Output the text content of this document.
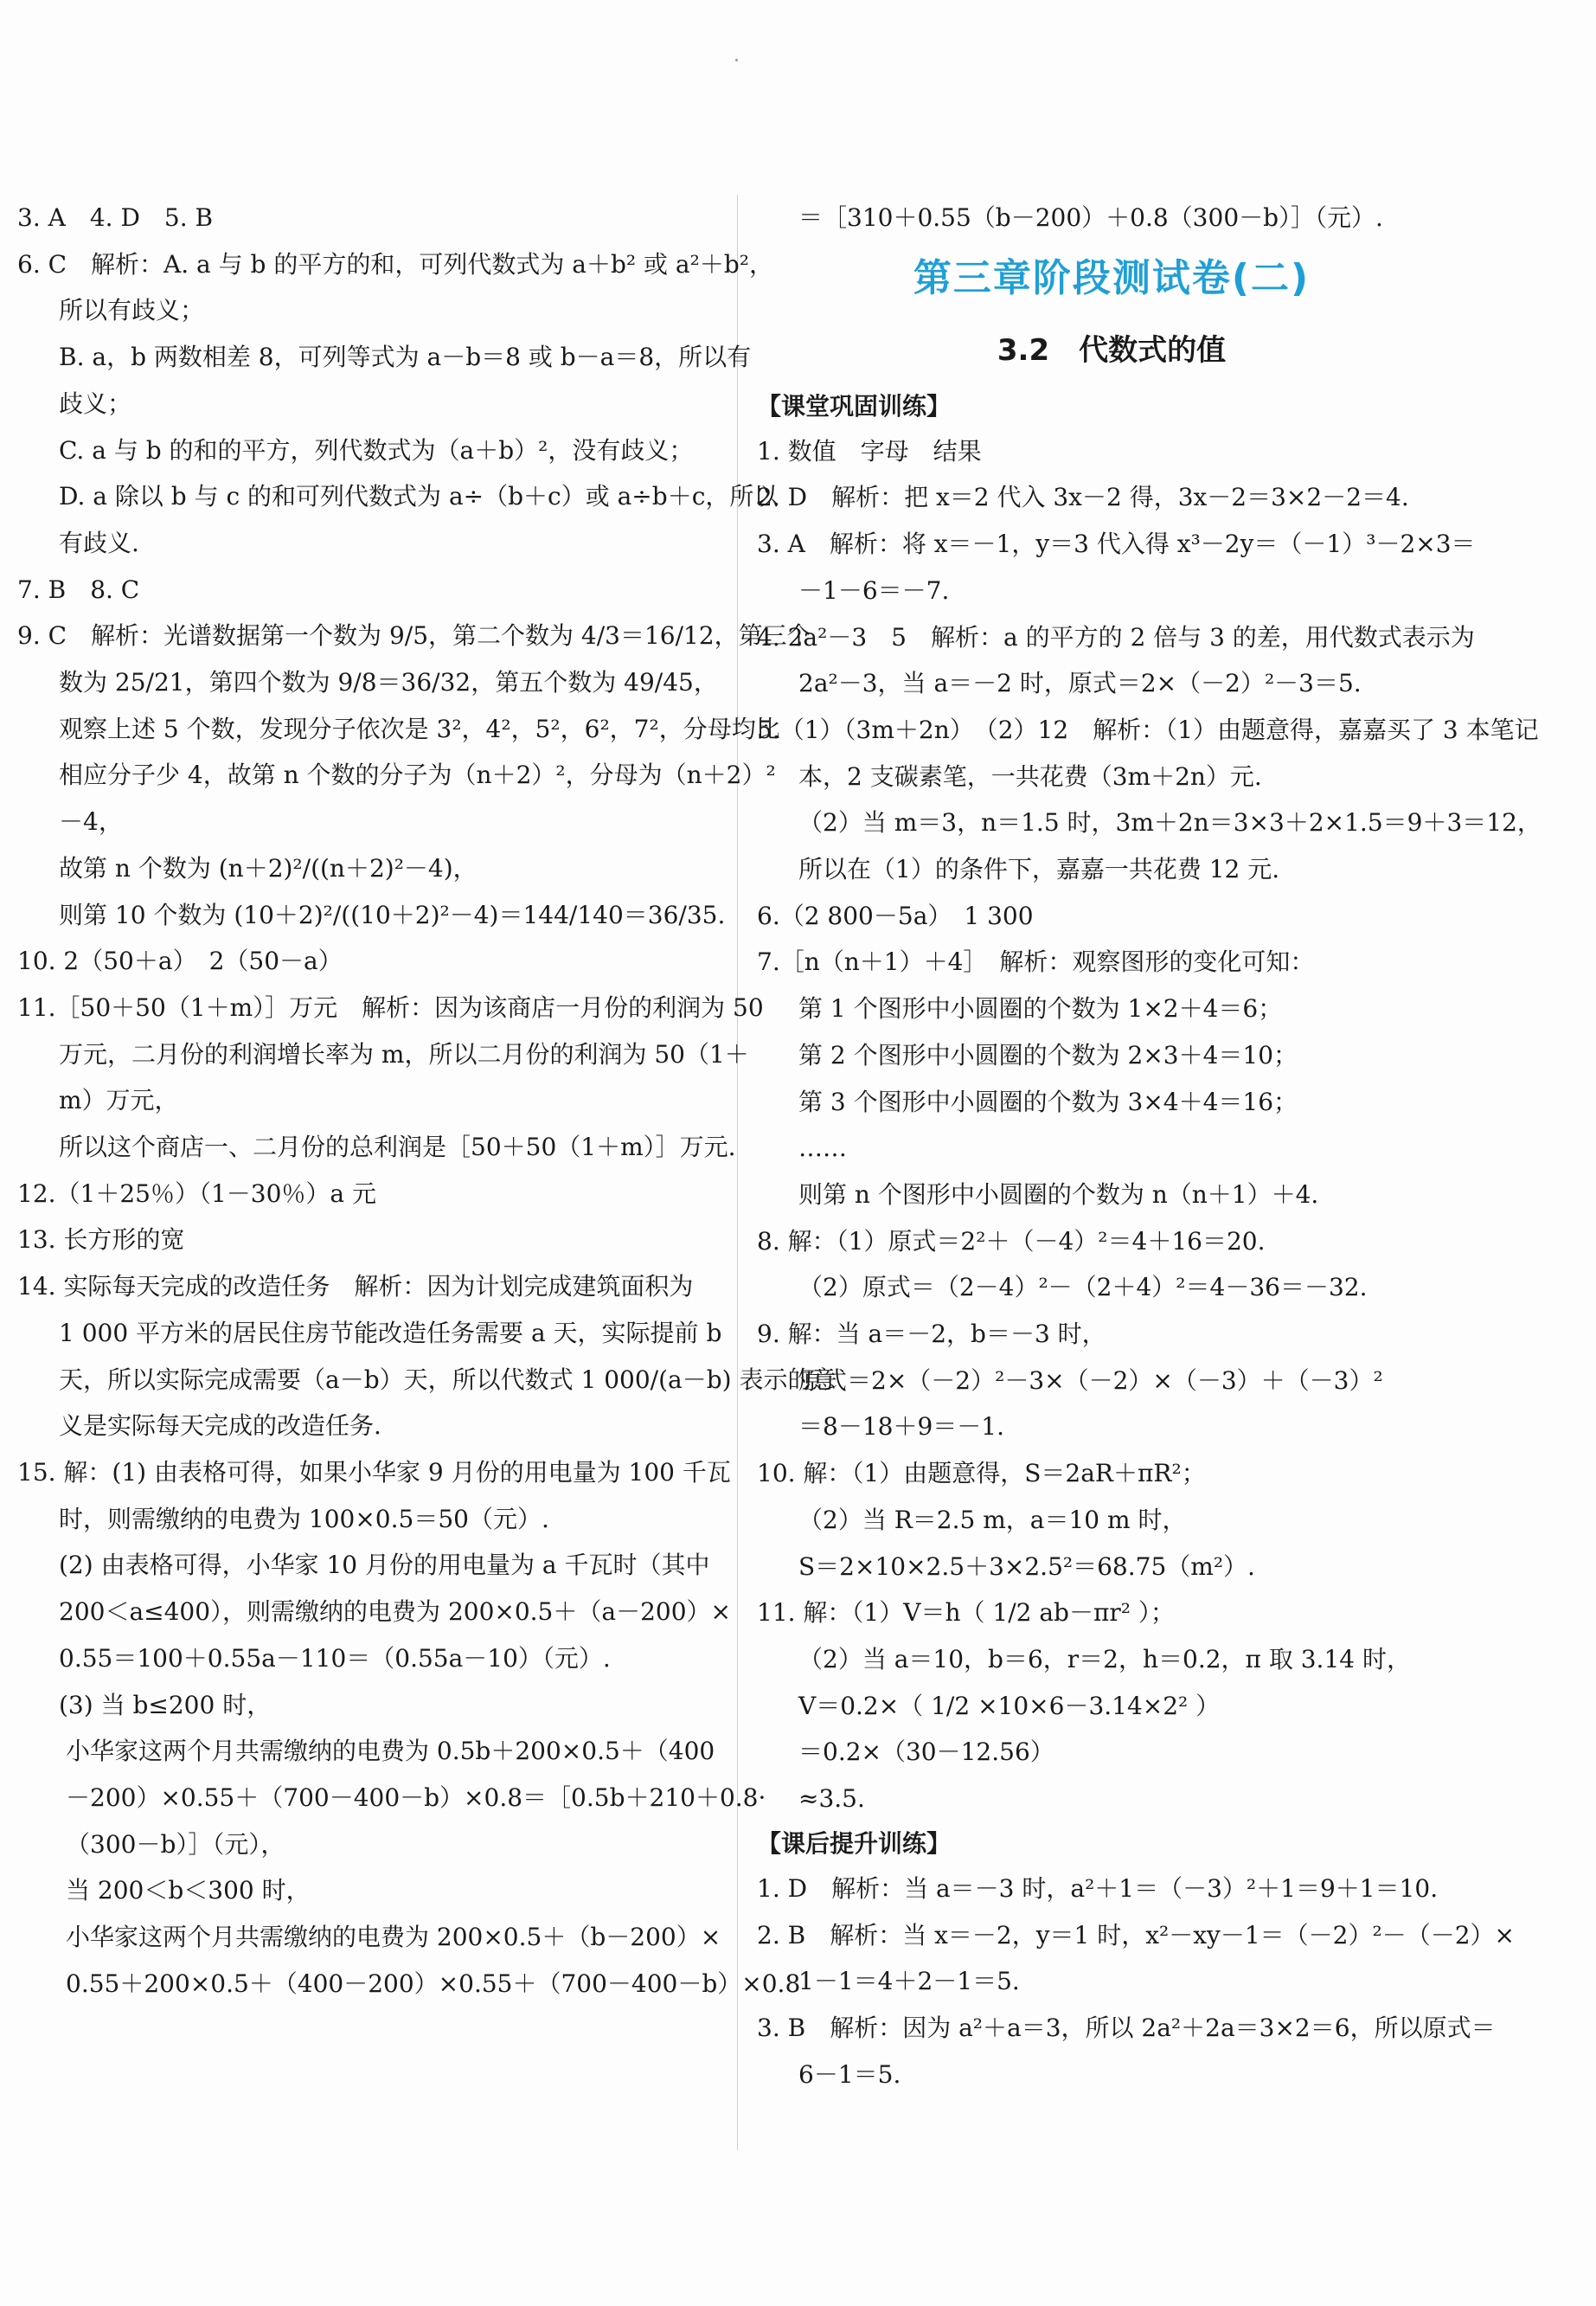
3. A　4. D　5. B
6. C　解析：A. a 与 b 的平方的和，可列代数式为 a＋b² 或 a²＋b²，
所以有歧义；
B. a，b 两数相差 8，可列等式为 a－b＝8 或 b－a＝8，所以有
歧义；
C. a 与 b 的和的平方，列代数式为（a＋b）²，没有歧义；
D. a 除以 b 与 c 的和可列代数式为 a÷（b＋c）或 a÷b＋c，所以
有歧义.
7. B　8. C
9. C　解析：光谱数据第一个数为 9/5，第二个数为 4/3＝16/12，第三个
数为 25/21，第四个数为 9/8＝36/32，第五个数为 49/45，
观察上述 5 个数，发现分子依次是 3²，4²，5²，6²，7²，分母均比
相应分子少 4，故第 n 个数的分子为（n＋2）²，分母为（n＋2）²
－4，
故第 n 个数为 (n＋2)²/((n＋2)²－4)，
则第 10 个数为 (10＋2)²/((10＋2)²－4)＝144/140＝36/35.
10. 2（50＋a）　2（50－a）
11.［50＋50（1＋m）］万元　解析：因为该商店一月份的利润为 50
万元，二月份的利润增长率为 m，所以二月份的利润为 50（1＋
m）万元，
所以这个商店一、二月份的总利润是［50＋50（1＋m）］万元.
12.（1＋25％）（1－30％）a 元
13. 长方形的宽
14. 实际每天完成的改造任务　解析：因为计划完成建筑面积为
1 000 平方米的居民住房节能改造任务需要 a 天，实际提前 b
天，所以实际完成需要（a－b）天，所以代数式 1 000/(a－b) 表示的意
义是实际每天完成的改造任务.
15. 解：(1) 由表格可得，如果小华家 9 月份的用电量为 100 千瓦
时，则需缴纳的电费为 100×0.5＝50（元）.
(2) 由表格可得，小华家 10 月份的用电量为 a 千瓦时（其中
200＜a≤400），则需缴纳的电费为 200×0.5＋（a－200）×
0.55＝100＋0.55a－110＝（0.55a－10）（元）.
(3) 当 b≤200 时，
小华家这两个月共需缴纳的电费为 0.5b＋200×0.5＋（400
－200）×0.55＋（700－400－b）×0.8＝［0.5b＋210＋0.8·
（300－b）］（元），
当 200＜b＜300 时，
小华家这两个月共需缴纳的电费为 200×0.5＋（b－200）×
0.55＋200×0.5＋（400－200）×0.55＋（700－400－b）×0.8
＝［310＋0.55（b－200）＋0.8（300－b）］（元）.
第三章阶段测试卷(二)
3.2　代数式的值
【课堂巩固训练】
1. 数值　字母　结果
2. D　解析：把 x＝2 代入 3x－2 得，3x－2＝3×2－2＝4.
3. A　解析：将 x＝－1，y＝3 代入得 x³－2y＝（－1）³－2×3＝
－1－6＝－7.
4. 2a²－3　5　解析：a 的平方的 2 倍与 3 的差，用代数式表示为
2a²－3，当 a＝－2 时，原式＝2×（－2）²－3＝5.
5.（1）（3m＋2n）　（2）12　解析：（1）由题意得，嘉嘉买了 3 本笔记
本，2 支碳素笔，一共花费（3m＋2n）元.
（2）当 m＝3，n＝1.5 时，3m＋2n＝3×3＋2×1.5＝9＋3＝12，
所以在（1）的条件下，嘉嘉一共花费 12 元.
6.（2 800－5a）　1 300
7.［n（n＋1）＋4］　解析：观察图形的变化可知：
第 1 个图形中小圆圈的个数为 1×2＋4＝6；
第 2 个图形中小圆圈的个数为 2×3＋4＝10；
第 3 个图形中小圆圈的个数为 3×4＋4＝16；
……
则第 n 个图形中小圆圈的个数为 n（n＋1）＋4.
8. 解：（1）原式＝2²＋（－4）²＝4＋16＝20.
（2）原式＝（2－4）²－（2＋4）²＝4－36＝－32.
9. 解：当 a＝－2，b＝－3 时，
原式＝2×（－2）²－3×（－2）×（－3）＋（－3）²
＝8－18＋9＝－1.
10. 解：（1）由题意得，S＝2aR＋πR²；
（2）当 R＝2.5 m，a＝10 m 时，
S＝2×10×2.5＋3×2.5²＝68.75（m²）.
11. 解：（1）V＝h（ 1/2 ab－πr² ）；
（2）当 a＝10，b＝6，r＝2，h＝0.2，π 取 3.14 时，
V＝0.2×（ 1/2 ×10×6－3.14×2² ）
＝0.2×（30－12.56）
≈3.5.
【课后提升训练】
1. D　解析：当 a＝－3 时，a²＋1＝（－3）²＋1＝9＋1＝10.
2. B　解析：当 x＝－2，y＝1 时，x²－xy－1＝（－2）²－（－2）×
1－1＝4＋2－1＝5.
3. B　解析：因为 a²＋a＝3，所以 2a²＋2a＝3×2＝6，所以原式＝
6－1＝5.
